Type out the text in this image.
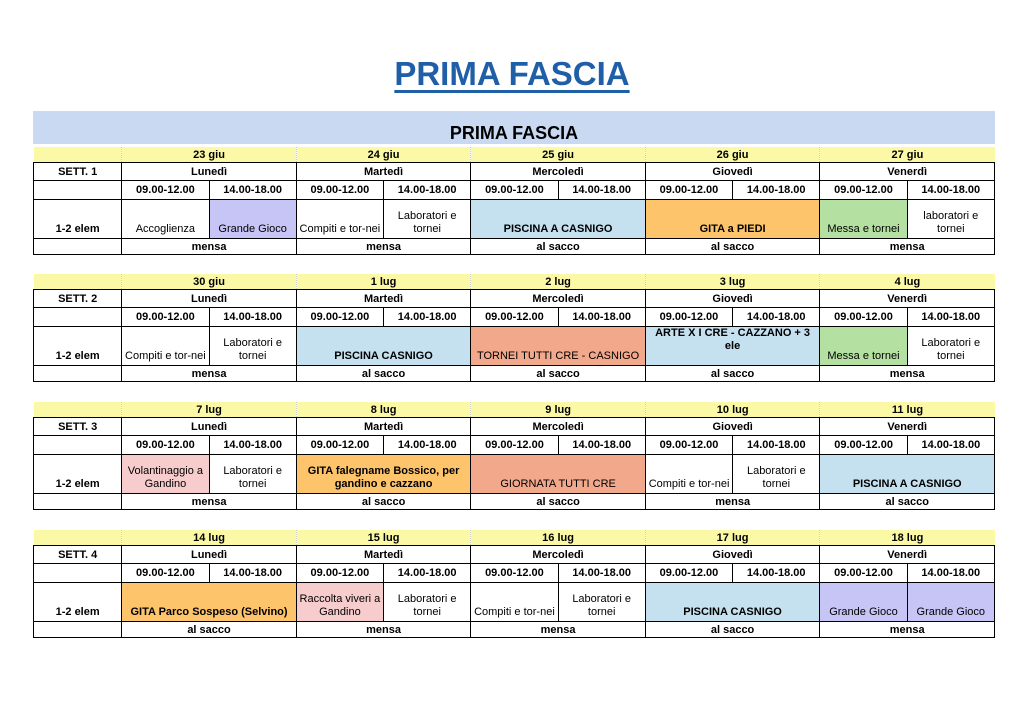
PRIMA FASCIA
PRIMA FASCIA
	23 giu		24 giu		25 giu		26 giu		27 giu	
SETT. 1	Lunedì		Martedì		Mercoledì		Giovedì		Venerdì	
	09.00-12.00	14.00-18.00	09.00-12.00	14.00-18.00	09.00-12.00	14.00-18.00	09.00-12.00	14.00-18.00	09.00-12.00	14.00-18.00
1-2 elem	Accoglienza	Grande Gioco	Compiti e tor-nei	Laboratori e tornei	PISCINA A CASNIGO		GITA a PIEDI		Messa e tornei	laboratori e tornei
	mensa		mensa		al sacco		al sacco		mensa	
	30 giu		1 lug		2 lug		3 lug		4 lug	
SETT. 2	Lunedì		Martedì		Mercoledì		Giovedì		Venerdì	
	09.00-12.00	14.00-18.00	09.00-12.00	14.00-18.00	09.00-12.00	14.00-18.00	09.00-12.00	14.00-18.00	09.00-12.00	14.00-18.00
1-2 elem	Compiti e tor-nei	Laboratori e tornei	PISCINA CASNIGO		TORNEI TUTTI CRE - CASNIGO		ARTE X I CRE - CAZZANO + 3 ele		Messa e tornei	Laboratori e tornei
	mensa		al sacco		al sacco		al sacco		mensa	
	7 lug		8 lug		9 lug		10 lug		11 lug	
SETT. 3	Lunedì		Martedì		Mercoledì		Giovedì		Venerdì	
	09.00-12.00	14.00-18.00	09.00-12.00	14.00-18.00	09.00-12.00	14.00-18.00	09.00-12.00	14.00-18.00	09.00-12.00	14.00-18.00
1-2 elem	Volantinaggio a Gandino	Laboratori e tornei	GITA falegname Bossico, per gandino e cazzano		GIORNATA TUTTI CRE		Compiti e tor-nei	Laboratori e tornei	PISCINA A CASNIGO	
	mensa		al sacco		al sacco		mensa		al sacco	
	14 lug		15 lug		16 lug		17 lug		18 lug	
SETT. 4	Lunedì		Martedì		Mercoledì		Giovedì		Venerdì	
	09.00-12.00	14.00-18.00	09.00-12.00	14.00-18.00	09.00-12.00	14.00-18.00	09.00-12.00	14.00-18.00	09.00-12.00	14.00-18.00
1-2 elem	GITA Parco Sospeso (Selvino)		Raccolta viveri a Gandino	Laboratori e tornei	Compiti e tor-nei	Laboratori e tornei	PISCINA CASNIGO		Grande Gioco	Grande Gioco
	al sacco		mensa		mensa		al sacco		mensa	
